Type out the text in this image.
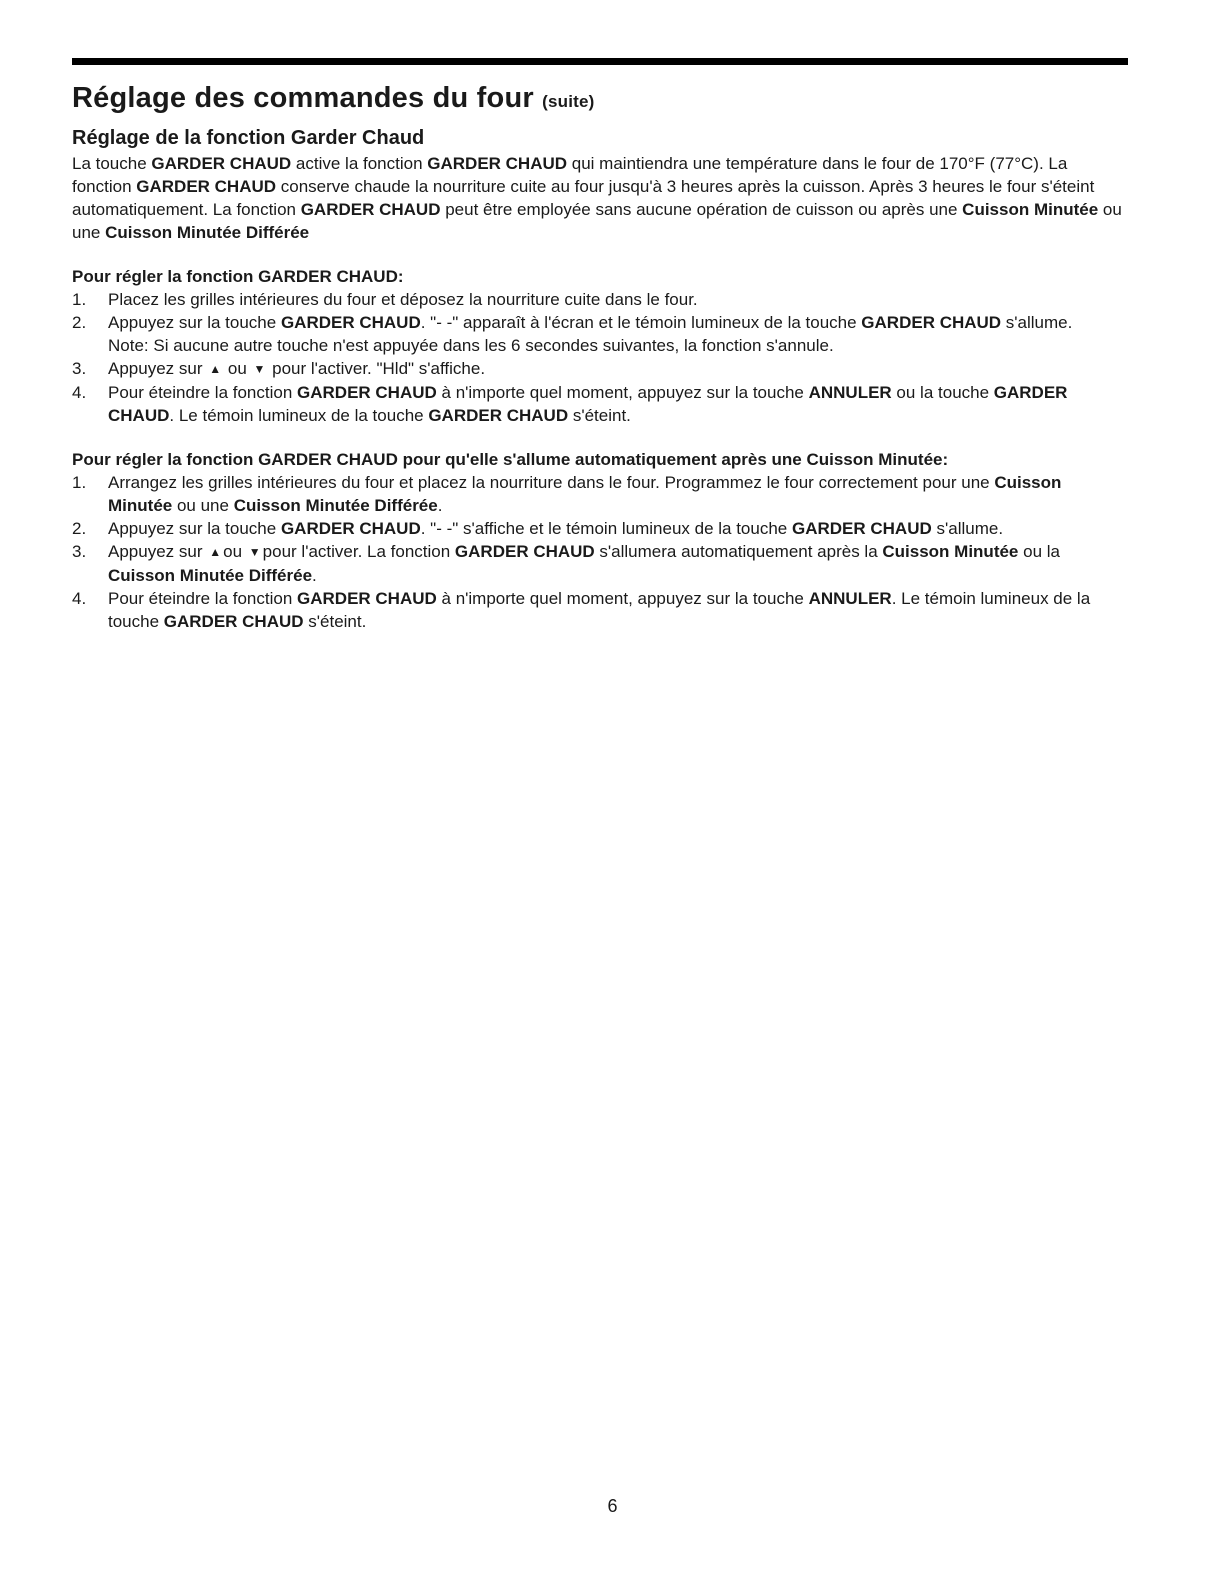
Réglage des commandes du four (suite)
Réglage de la fonction Garder Chaud

La touche GARDER CHAUD active la fonction GARDER CHAUD qui maintiendra une température dans le four de 170°F (77°C). La fonction GARDER CHAUD conserve chaude la nourriture cuite au four jusqu'à 3 heures après la cuisson. Après 3 heures le four s'éteint automatiquement. La fonction GARDER CHAUD peut être employée sans aucune opération de cuisson ou après une Cuisson Minutée ou une Cuisson Minutée Différée

Pour régler la fonction GARDER CHAUD:

1.	Placez les grilles intérieures du four et déposez la nourriture cuite dans le four.
2.	Appuyez sur la touche GARDER CHAUD. "- -" apparaît à l'écran et le témoin lumineux de la touche GARDER CHAUD s'allume.
Note: Si aucune autre touche n'est appuyée dans les 6 secondes suivantes, la fonction s'annule.
3.	Appuyez sur ▲ ou ▼ pour l'activer. "Hld" s'affiche.
4.	Pour éteindre la fonction GARDER CHAUD à n'importe quel moment, appuyez sur la touche ANNULER ou la touche GARDER CHAUD. Le témoin lumineux de la touche GARDER CHAUD s'éteint.

Pour régler la fonction GARDER CHAUD pour qu'elle s'allume automatiquement après une Cuisson Minutée:

1.	Arrangez les grilles intérieures du four et placez la nourriture dans le four. Programmez le four correctement pour une Cuisson Minutée ou une Cuisson Minutée Différée.
2.	Appuyez sur la touche GARDER CHAUD. "- -" s'affiche et le témoin lumineux de la touche GARDER CHAUD s'allume.
3.	Appuyez sur ▲ ou ▼ pour l'activer. La fonction GARDER CHAUD s'allumera automatiquement après la Cuisson Minutée ou la Cuisson Minutée Différée.
4.	Pour éteindre la fonction GARDER CHAUD à n'importe quel moment, appuyez sur la touche ANNULER. Le témoin lumineux de la touche GARDER CHAUD s'éteint.
6
